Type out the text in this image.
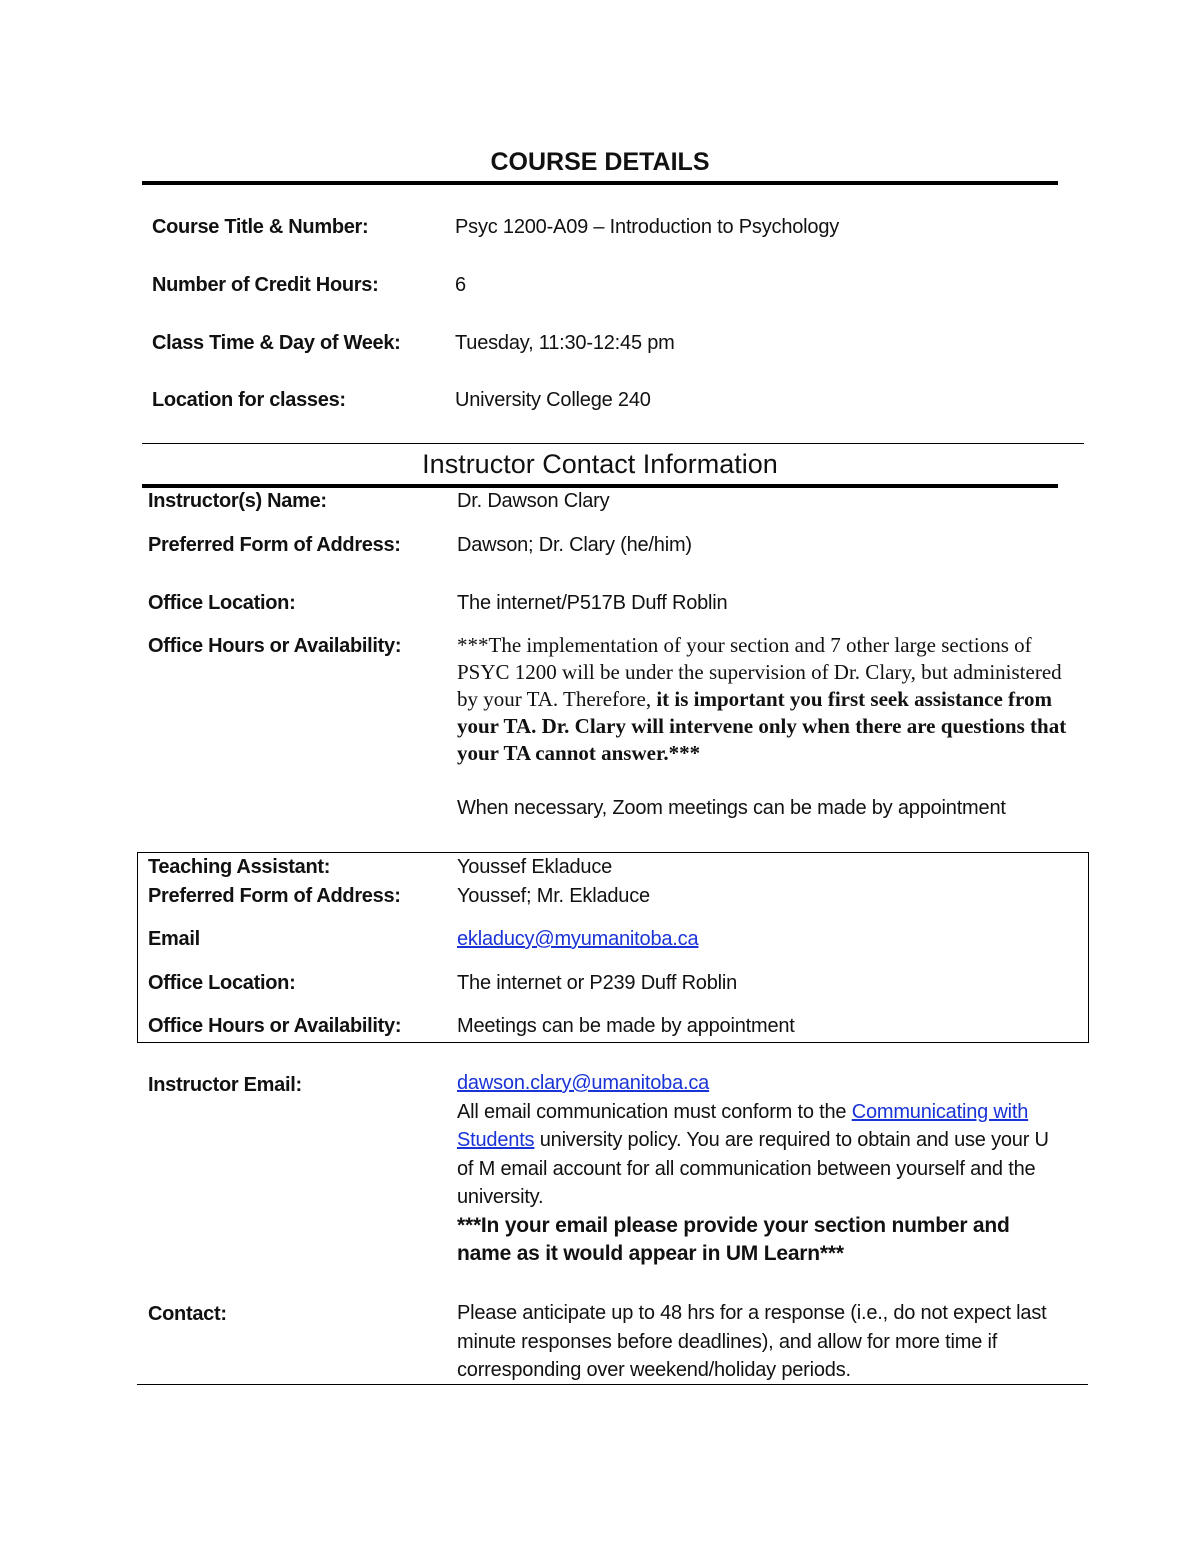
COURSE DETAILS
Course Title & Number:	Psyc 1200-A09 – Introduction to Psychology
Number of Credit Hours:	6
Class Time & Day of Week:	Tuesday, 11:30-12:45 pm
Location for classes:	University College 240
Instructor Contact Information
Instructor(s) Name:	Dr. Dawson Clary
Preferred Form of Address:	Dawson; Dr. Clary (he/him)
Office Location:	The internet/P517B Duff Roblin
Office Hours or Availability:	***The implementation of your section and 7 other large sections of PSYC 1200 will be under the supervision of Dr. Clary, but administered by your TA. Therefore, it is important you first seek assistance from your TA. Dr. Clary will intervene only when there are questions that your TA cannot answer.***
When necessary, Zoom meetings can be made by appointment
Teaching Assistant:	Youssef Ekladuce
Preferred Form of Address:	Youssef; Mr. Ekladuce
Email	ekladucy@myumanitoba.ca
Office Location:	The internet or P239 Duff Roblin
Office Hours or Availability:	Meetings can be made by appointment
Instructor Email:	dawson.clary@umanitoba.ca
All email communication must conform to the Communicating with Students university policy. You are required to obtain and use your U of M email account for all communication between yourself and the university.
***In your email please provide your section number and name as it would appear in UM Learn***
Contact:	Please anticipate up to 48 hrs for a response (i.e., do not expect last minute responses before deadlines), and allow for more time if corresponding over weekend/holiday periods.
